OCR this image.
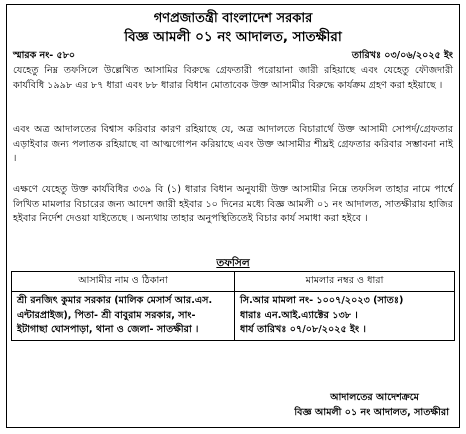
গণপ্রজাতন্ত্রী বাংলাদেশ সরকার
বিজ্ঞ আমলী ০১ নং আদালত, সাতক্ষীরা
স্মারক নং- ৫৮০	তারিখঃ ০৩/০৬/২০২৫ ইং
যেহেতু নিম্ন তফসিলে উল্লেখিত আসামির বিরুদ্ধে গ্রেফতারী পরোয়ানা জারী রহিয়াছে এবং যেহেতু ফৌজদারী কার্যবিধি ১৯৯৮ এর ৮৭ ধারা এবং ৮৮ ধারার বিধান মোতাবেক উক্ত আসামীর বিরুদ্ধে কার্যক্রম গ্রহণ করা হইয়াছে ।
এবং অত্র আদালতের বিশ্বাস করিবার কারণ রহিয়াছে যে, অত্র আদালতে বিচারার্থে উক্ত আসামী সোপর্দ/গ্রেফতার এড়াইবার জন্য পলাতক রহিয়াছে বা আত্মগোপন করিয়াছে এবং উক্ত আসামীর শীঘ্রই গ্রেফতার করিবার সম্ভাবনা নাই ।
এক্ষণে যেহেতু উক্ত কার্যবিধির ৩৩৯ বি (১) ধারার বিধান অনুযায়ী উক্ত আসামীর নিম্নে তফসিল তাহার নামে পার্শ্বে লিখিত মামলার বিচারের জন্য আদেশ জারী হইবার ১০ দিনের মধ্যে বিজ্ঞ আমলী ০১ নং আদালত, সাতক্ষীরায় হাজির হইবার নির্দেশ দেওয়া যাইতেছে । অন্যথায় তাহার অনুপস্থিতিতেই বিচার কার্য সমাধা করা হইবে ।
তফসিল
আসামীর নাম ও ঠিকানা	মামলার নম্বর ও ধারা
শ্রী রনজিৎ কুমার সরকার (মালিক মেসার্স আর.এস. এন্টারপ্রাইজ), পিতা- শ্রী বাবুরাম সরকার, সাং- ইটাগাছা ঘোসপাড়া, থানা ও জেলা- সাতক্ষীরা ।	সি.আর মামলা নং- ১০০৭/২০২৩ (সাতঃ)
ধারাঃ এন.আই.এ্যাক্টের ১৩৮ ।
ধার্য তারিখঃ ০৭/০৮/২০২৫ ইং ।
আদালতের আদেশক্রমে
বিজ্ঞ আমলী ০১ নং আদালত, সাতক্ষীরা
